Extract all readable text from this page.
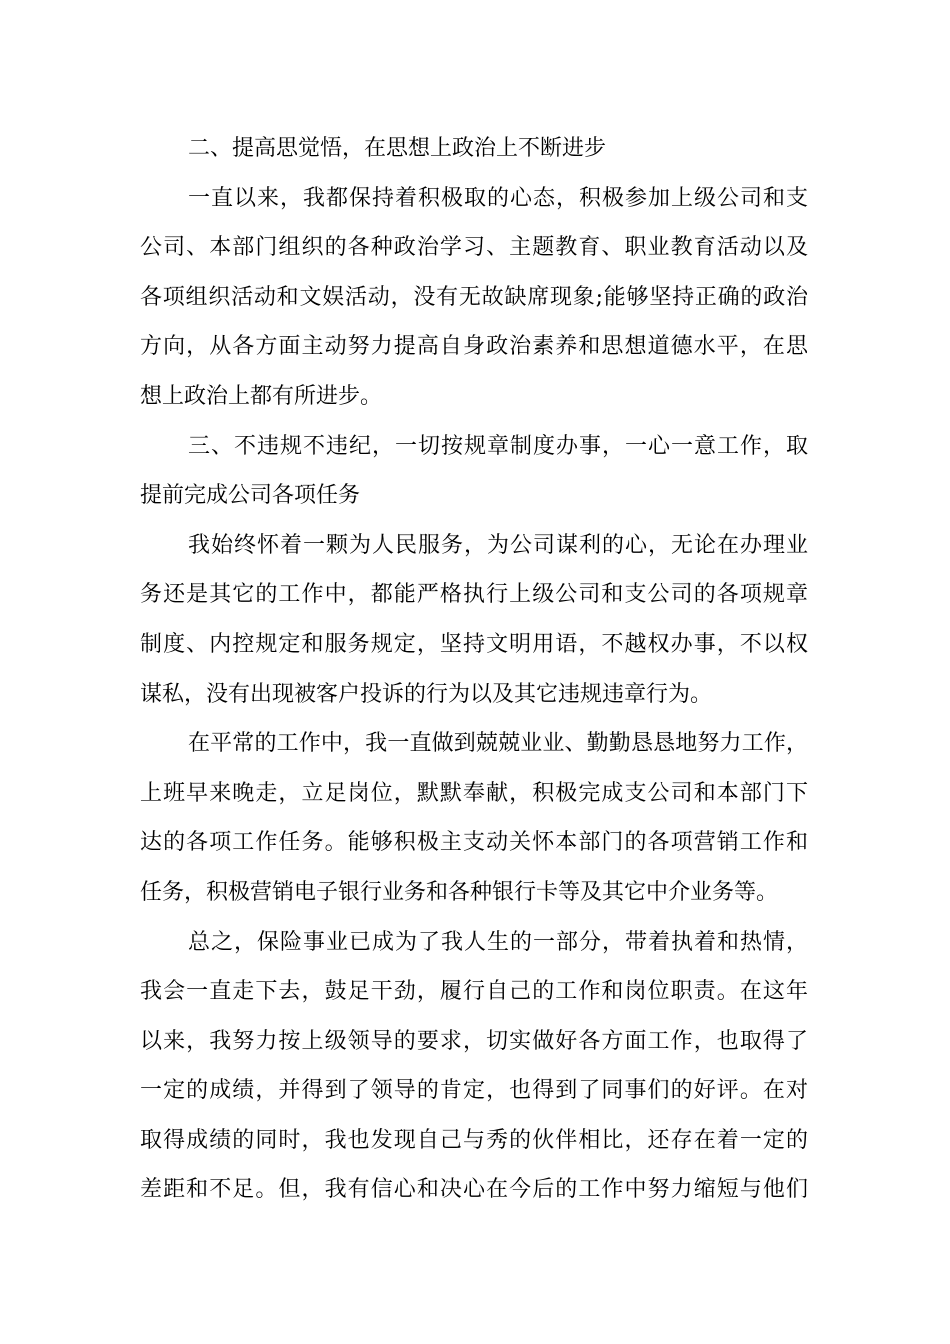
二、提高思觉悟，在思想上政治上不断进步
一直以来，我都保持着积极取的心态，积极参加上级公司和支
公司、本部门组织的各种政治学习、主题教育、职业教育活动以及
各项组织活动和文娱活动，没有无故缺席现象;能够坚持正确的政治
方向，从各方面主动努力提高自身政治素养和思想道德水平，在思
想上政治上都有所进步。
三、不违规不违纪，一切按规章制度办事，一心一意工作，取
提前完成公司各项任务
我始终怀着一颗为人民服务，为公司谋利的心，无论在办理业
务还是其它的工作中，都能严格执行上级公司和支公司的各项规章
制度、内控规定和服务规定，坚持文明用语，不越权办事，不以权
谋私，没有出现被客户投诉的行为以及其它违规违章行为。
在平常的工作中，我一直做到兢兢业业、勤勤恳恳地努力工作，
上班早来晚走，立足岗位，默默奉献，积极完成支公司和本部门下
达的各项工作任务。能够积极主支动关怀本部门的各项营销工作和
任务，积极营销电子银行业务和各种银行卡等及其它中介业务等。
总之，保险事业已成为了我人生的一部分，带着执着和热情，
我会一直走下去，鼓足干劲，履行自己的工作和岗位职责。在这年
以来，我努力按上级领导的要求，切实做好各方面工作，也取得了
一定的成绩，并得到了领导的肯定，也得到了同事们的好评。在对
取得成绩的同时，我也发现自己与秀的伙伴相比，还存在着一定的
差距和不足。但，我有信心和决心在今后的工作中努力缩短与他们
